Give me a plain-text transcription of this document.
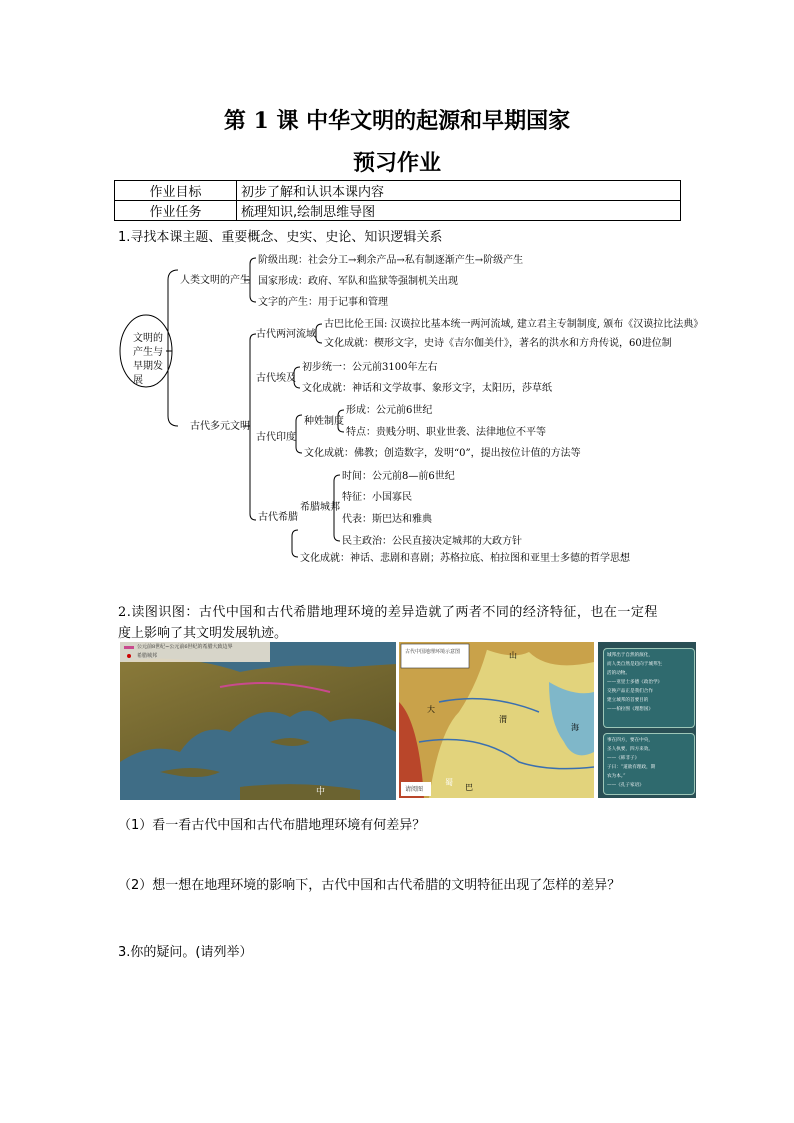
第 1 课 中华文明的起源和早期国家
预习作业
作业目标	初步了解和认识本课内容
作业任务	梳理知识,绘制思维导图
1.寻找本课主题、重要概念、史实、史论、知识逻辑关系
文明的
产生与
早期发
展
人类文明的产生
阶级出现：社会分工→剩余产品→私有制逐渐产生→阶级产生
国家形成：政府、军队和监狱等强制机关出现
文字的产生：用于记事和管理
古代多元文明
古代两河流域
古巴比伦王国: 汉谟拉比基本统一两河流域, 建立君主专制制度, 颁布《汉谟拉比法典》
文化成就：楔形文字，史诗《吉尔伽美什》，著名的洪水和方舟传说，60进位制
古代埃及
初步统一：公元前3100年左右
文化成就：神话和文学故事、象形文字，太阳历，莎草纸
古代印度
种姓制度
形成：公元前6世纪
特点：贵贱分明、职业世袭、法律地位不平等
文化成就：佛教；创造数字，发明“0”，提出按位计值的方法等
古代希腊
希腊城邦
时间：公元前8—前6世纪
特征：小国寡民
代表：斯巴达和雅典
民主政治：公民直接决定城邦的大政方针
文化成就：神话、悲剧和喜剧；苏格拉底、柏拉图和亚里士多德的哲学思想
2.读图识图：古代中国和古代希腊地理环境的差异造就了两者不同的经济特征，也在一定程
度上影响了其文明发展轨迹。
公元前8世纪~公元前6世纪的希腊大致边界
希腊城邦
中
古代中国地理环境示意图
请阅图
山
海
渭
蜀
巴
大
城邦出于自然的演化，
而人类自然是趋向于城邦生
活的动物。
——亚里士多德《政治学》
交换产品正是我们合作
建立城邦的首要目的
——柏拉图《理想国》
事在四方，要在中央，
圣人执要，四方来效。
——《韩非子》
子曰：“道欲有理政，期
农为本。”
——《孔子家语》
（1）看一看古代中国和古代布腊地理环境有何差异？
（2）想一想在地理环境的影响下，古代中国和古代希腊的文明特征出现了怎样的差异？
3.你的疑问。(请列举）
